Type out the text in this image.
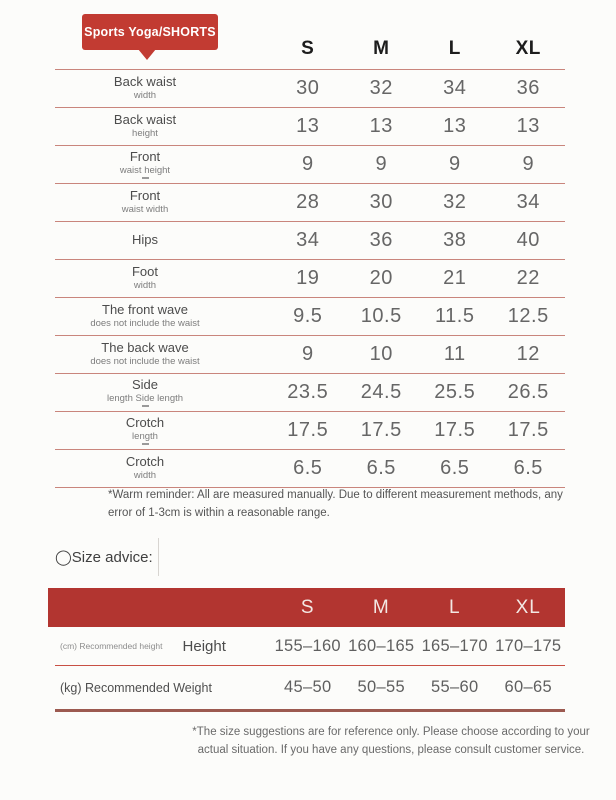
Sports Yoga/SHORTS
S	M	L	XL
Back waist
width	30	32	34	36
Back waist
height	13	13	13	13
Front
waist height	9	9	9	9
Front
waist width	28	30	32	34
Hips	34	36	38	40
Foot
width	19	20	21	22
The front wave
does not include the waist	9.5	10.5	11.5	12.5
The back wave
does not include the waist	9	10	11	12
Side
length Side length	23.5	24.5	25.5	26.5
Crotch
length	17.5	17.5	17.5	17.5
Crotch
width	6.5	6.5	6.5	6.5

*Warm reminder: All are measured manually. Due to different measurement methods, any error of 1-3cm is within a reasonable range.

◯Size advice:
S	M	L	XL
(cm) Recommended height Height	155–160 160–165 165–170 170–175
(kg) Recommended Weight	45–50	50–55	55–60	60–65

*The size suggestions are for reference only. Please choose according to your actual situation. If you have any questions, please consult customer service.
